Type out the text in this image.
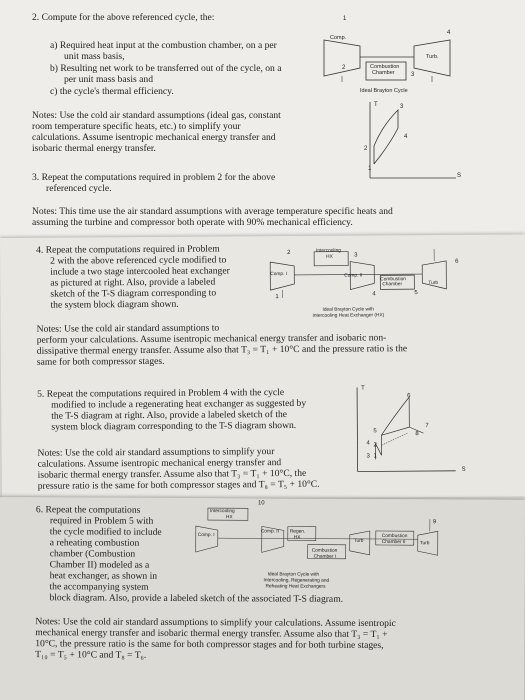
2. Compute for the above referenced cycle, the:
a) Required heat input at the combustion chamber, on a per
unit mass basis,
b) Resulting net work to be transferred out of the cycle, on a
per unit mass basis and
c) the cycle's thermal efficiency.
Notes: Use the cold air standard assumptions (ideal gas, constant
room temperature specific heats, etc.) to simplify your
calculations. Assume isentropic mechanical energy transfer and
isobaric thermal energy transfer.
3. Repeat the computations required in problem 2 for the above
referenced cycle.
Notes: This time use the air standard assumptions with average temperature specific heats and
assuming the turbine and compressor both operate with 90% mechanical efficiency.
Comp.
Turb.
Combustion
Chamber
2
1
3
4
Ideal Brayton Cycle
T
S
3
4
2
1
4. Repeat the computations required in Problem
2 with the above referenced cycle modified to
include a two stage intercooled heat exchanger
as pictured at right. Also, provide a labeled
sketch of the T-S diagram corresponding to
the system block diagram shown.
Notes: Use the cold air standard assumptions to
perform your calculations. Assume isentropic mechanical energy transfer and isobaric non-
dissipative thermal energy transfer. Assume also that T₃ = T₁ + 10°C and the pressure ratio is the
same for both compressor stages.
Comp. I	Comp. II
Intercooling
HX
Combustion
Chamber	Turb
2	3
1	4	5
6
Ideal Brayton Cycle with
Intercooling Heat Exchanger (HX)
5. Repeat the computations required in Problem 4 with the cycle
modified to include a regenerating heat exchanger as suggested by
the T-S diagram at right. Also, provide a labeled sketch of the
system block diagram corresponding to the T-S diagram shown.
Notes: Use the cold air standard assumptions to simplify your
calculations. Assume isentropic mechanical energy transfer and
isobaric thermal energy transfer. Assume also that T₃ = T₁ + 10°C, the
pressure ratio is the same for both compressor stages and T₈ = T₅ + 10°C.
T
S
6
7
8
5
4 2
3 1
6. Repeat the computations
required in Problem 5 with
the cycle modified to include
a reheating combustion
chamber (Combustion
Chamber II) modeled as a
heat exchanger, as shown in
the accompanying system
block diagram. Also, provide a labeled sketch of the associated T-S diagram.
Notes: Use the cold air standard assumptions to simplify your calculations. Assume isentropic
mechanical energy transfer and isobaric thermal energy transfer. Assume also that T₃ = T₁ +
10°C, the pressure ratio is the same for both compressor stages and for both turbine stages,
T₁₀ = T₅ + 10°C and T₈ = T₆.
Comp. I
Comp. II
Intercooling
HX
Regen.
HX
Combustion
Chamber I
Turb
Combustion
Chamber II	Turb
10
9
Ideal Brayton Cycle with
Intercooling, Regenerating and
Reheating Heat Exchangers
